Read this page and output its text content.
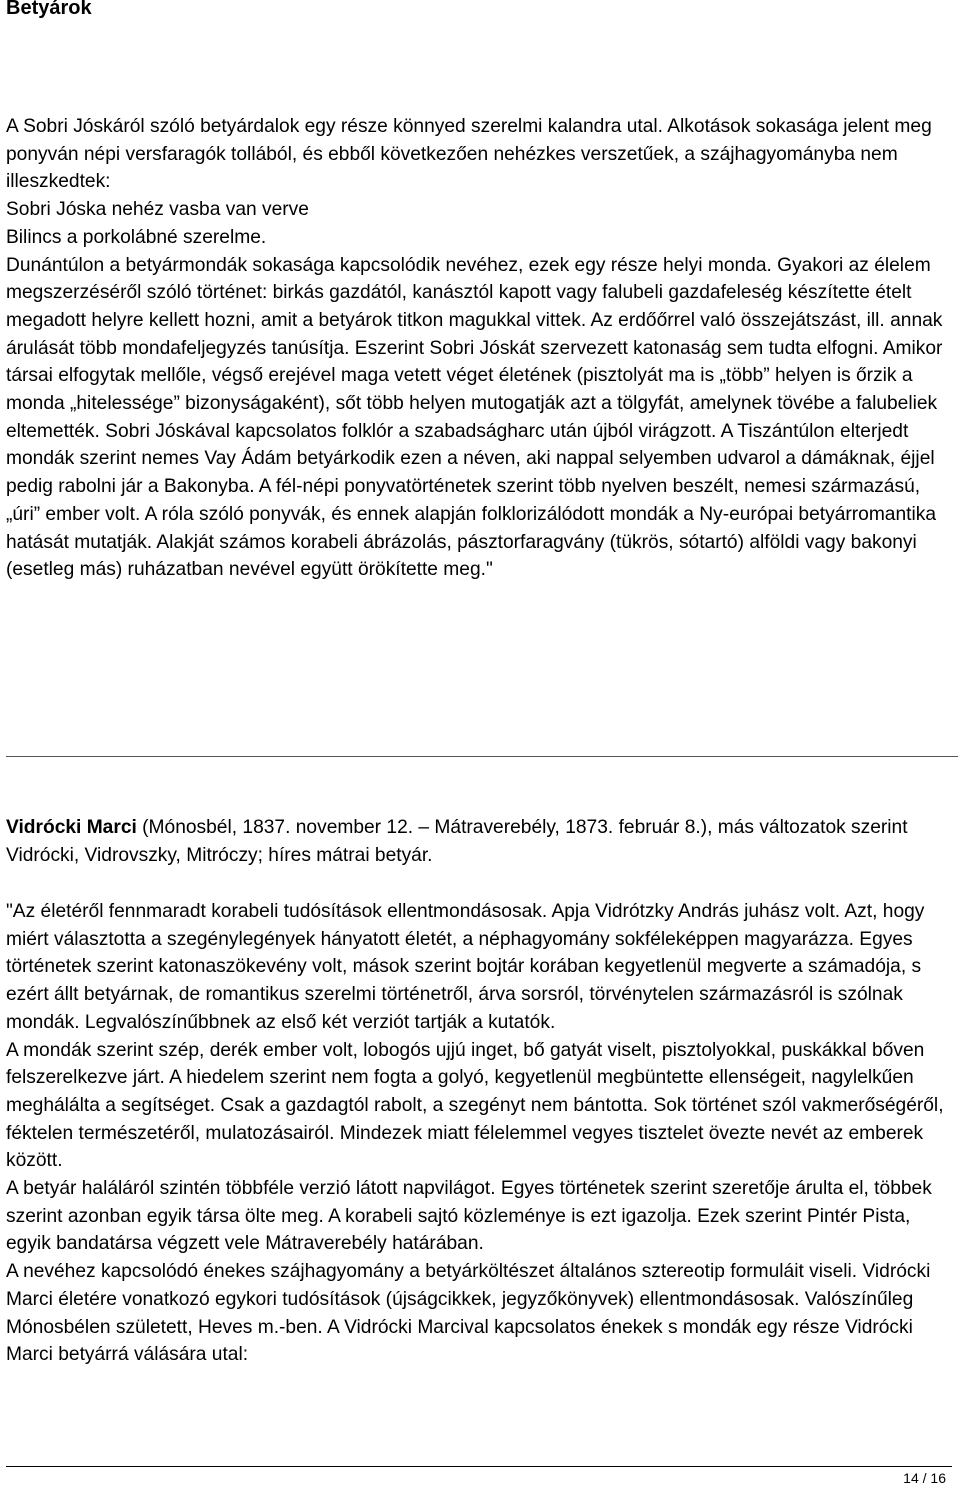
Betyárok

A Sobri Jóskáról szóló betyárdalok egy része könnyed szerelmi kalandra utal. Alkotások sokasága jelent meg ponyván népi versfaragók tollából, és ebből következően nehézkes verszetűek, a szájhagyományba nem illeszkedtek:

Sobri Jóska nehéz vasba van verve

Bilincs a porkolábné szerelme.

Dunántúlon a betyármondák sokasága kapcsolódik nevéhez, ezek egy része helyi monda. Gyakori az élelem megszerzéséről szóló történet: birkás gazdától, kanásztól kapott vagy falubeli gazdafeleség készítette ételt megadott helyre kellett hozni, amit a betyárok titkon magukkal vittek. Az erdőőrrel való összejátszást, ill. annak árulását több mondafeljegyzés tanúsítja. Eszerint Sobri Jóskát szervezett katonaság sem tudta elfogni. Amikor társai elfogytak mellőle, végső erejével maga vetett véget életének (pisztolyát ma is „több” helyen is őrzik a monda „hitelessége” bizonyságaként), sőt több helyen mutogatják azt a tölgyfát, amelynek tövébe a falubeliek eltemették. Sobri Jóskával kapcsolatos folklór a szabadságharc után újból virágzott. A Tiszántúlon elterjedt mondák szerint nemes Vay Ádám betyárkodik ezen a néven, aki nappal selyemben udvarol a dámáknak, éjjel pedig rabolni jár a Bakonyba. A fél-népi ponyvatörténetek szerint több nyelven beszélt, nemesi származású, „úri” ember volt. A róla szóló ponyvák, és ennek alapján folklorizálódott mondák a Ny-európai betyárromantika hatását mutatják. Alakját számos korabeli ábrázolás, pásztorfaragvány (tükrös, sótartó) alföldi vagy bakonyi (esetleg más) ruházatban nevével együtt örökítette meg."

Vidrócki Marci (Mónosbél, 1837. november 12. – Mátraverebély, 1873. február 8.), más változatok szerint Vidrócki, Vidrovszky, Mitróczy; híres mátrai betyár.

"Az életéről fennmaradt korabeli tudósítások ellentmondásosak. Apja Vidrótzky András juhász volt. Azt, hogy miért választotta a szegénylegények hányatott életét, a néphagyomány sokféleképpen magyarázza. Egyes történetek szerint katonaszökevény volt, mások szerint bojtár korában kegyetlenül megverte a számadója, s ezért állt betyárnak, de romantikus szerelmi történetről, árva sorsról, törvénytelen származásról is szólnak mondák. Legvalószínűbbnek az első két verziót tartják a kutatók.

A mondák szerint szép, derék ember volt, lobogós ujjú inget, bő gatyát viselt, pisztolyokkal, puskákkal bőven felszerelkezve járt. A hiedelem szerint nem fogta a golyó, kegyetlenül megbüntette ellenségeit, nagylelkűen meghálálta a segítséget. Csak a gazdagtól rabolt, a szegényt nem bántotta. Sok történet szól vakmerőségéről, féktelen természetéről, mulatozásairól. Mindezek miatt félelemmel vegyes tisztelet övezte nevét az emberek között.

A betyár haláláról szintén többféle verzió látott napvilágot. Egyes történetek szerint szeretője árulta el, többek szerint azonban egyik társa ölte meg. A korabeli sajtó közleménye is ezt igazolja. Ezek szerint Pintér Pista, egyik bandatársa végzett vele Mátraverebély határában.

A nevéhez kapcsolódó énekes szájhagyomány a betyárköltészet általános sztereotip formuláit viseli. Vidrócki Marci életére vonatkozó egykori tudósítások (újságcikkek, jegyzőkönyvek) ellentmondásosak. Valószínűleg Mónosbélen született, Heves m.-ben. A Vidrócki Marcival kapcsolatos énekek s mondák egy része Vidrócki Marci betyárrá válására utal:

14 / 16
